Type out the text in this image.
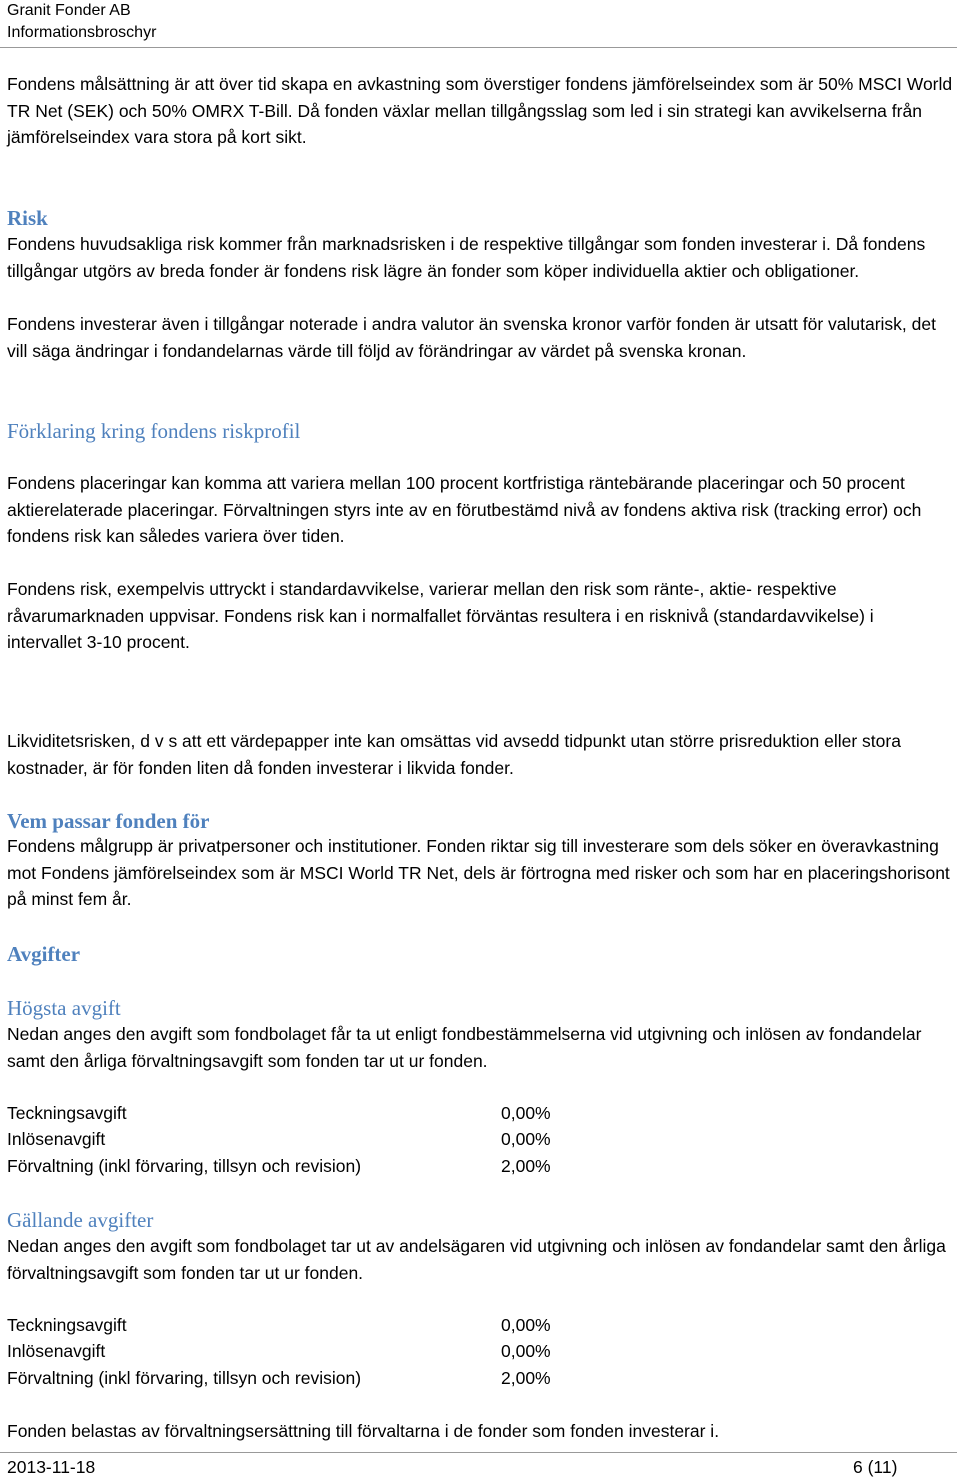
Granit Fonder AB
Informationsbroschyr

Fondens målsättning är att över tid skapa en avkastning som överstiger fondens jämförelseindex som är 50% MSCI World TR Net (SEK) och 50% OMRX T-Bill. Då fonden växlar mellan tillgångsslag som led i sin strategi kan avvikelserna från jämförelseindex vara stora på kort sikt.

Risk

Fondens huvudsakliga risk kommer från marknadsrisken i de respektive tillgångar som fonden investerar i. Då fondens tillgångar utgörs av breda fonder är fondens risk lägre än fonder som köper individuella aktier och obligationer.

Fondens investerar även i tillgångar noterade i andra valutor än svenska kronor varför fonden är utsatt för valutarisk, det vill säga ändringar i fondandelarnas värde till följd av förändringar av värdet på svenska kronan.

Förklaring kring fondens riskprofil

Fondens placeringar kan komma att variera mellan 100 procent kortfristiga räntebärande placeringar och 50 procent aktierelaterade placeringar. Förvaltningen styrs inte av en förutbestämd nivå av fondens aktiva risk (tracking error) och fondens risk kan således variera över tiden.

Fondens risk, exempelvis uttryckt i standardavvikelse, varierar mellan den risk som ränte-, aktie- respektive råvarumarknaden uppvisar. Fondens risk kan i normalfallet förväntas resultera i en risknivå (standardavvikelse) i intervallet 3-10 procent.

Likviditetsrisken, d v s att ett värdepapper inte kan omsättas vid avsedd tidpunkt utan större prisreduktion eller stora kostnader, är för fonden liten då fonden investerar i likvida fonder.

Vem passar fonden för

Fondens målgrupp är privatpersoner och institutioner. Fonden riktar sig till investerare som dels söker en överavkastning mot Fondens jämförelseindex som är MSCI World TR Net, dels är förtrogna med risker och som har en placeringshorisont på minst fem år.

Avgifter
Högsta avgift

Nedan anges den avgift som fondbolaget får ta ut enligt fondbestämmelserna vid utgivning och inlösen av fondandelar samt den årliga förvaltningsavgift som fonden tar ut ur fonden.

Teckningsavgift	0,00%
Inlösenavgift	0,00%
Förvaltning (inkl förvaring, tillsyn och revision)	2,00%
Gällande avgifter

Nedan anges den avgift som fondbolaget tar ut av andelsägaren vid utgivning och inlösen av fondandelar samt den årliga förvaltningsavgift som fonden tar ut ur fonden.

Teckningsavgift	0,00%
Inlösenavgift	0,00%
Förvaltning (inkl förvaring, tillsyn och revision)	2,00%

Fonden belastas av förvaltningsersättning till förvaltarna i de fonder som fonden investerar i.

2013-11-18	6 (11)
